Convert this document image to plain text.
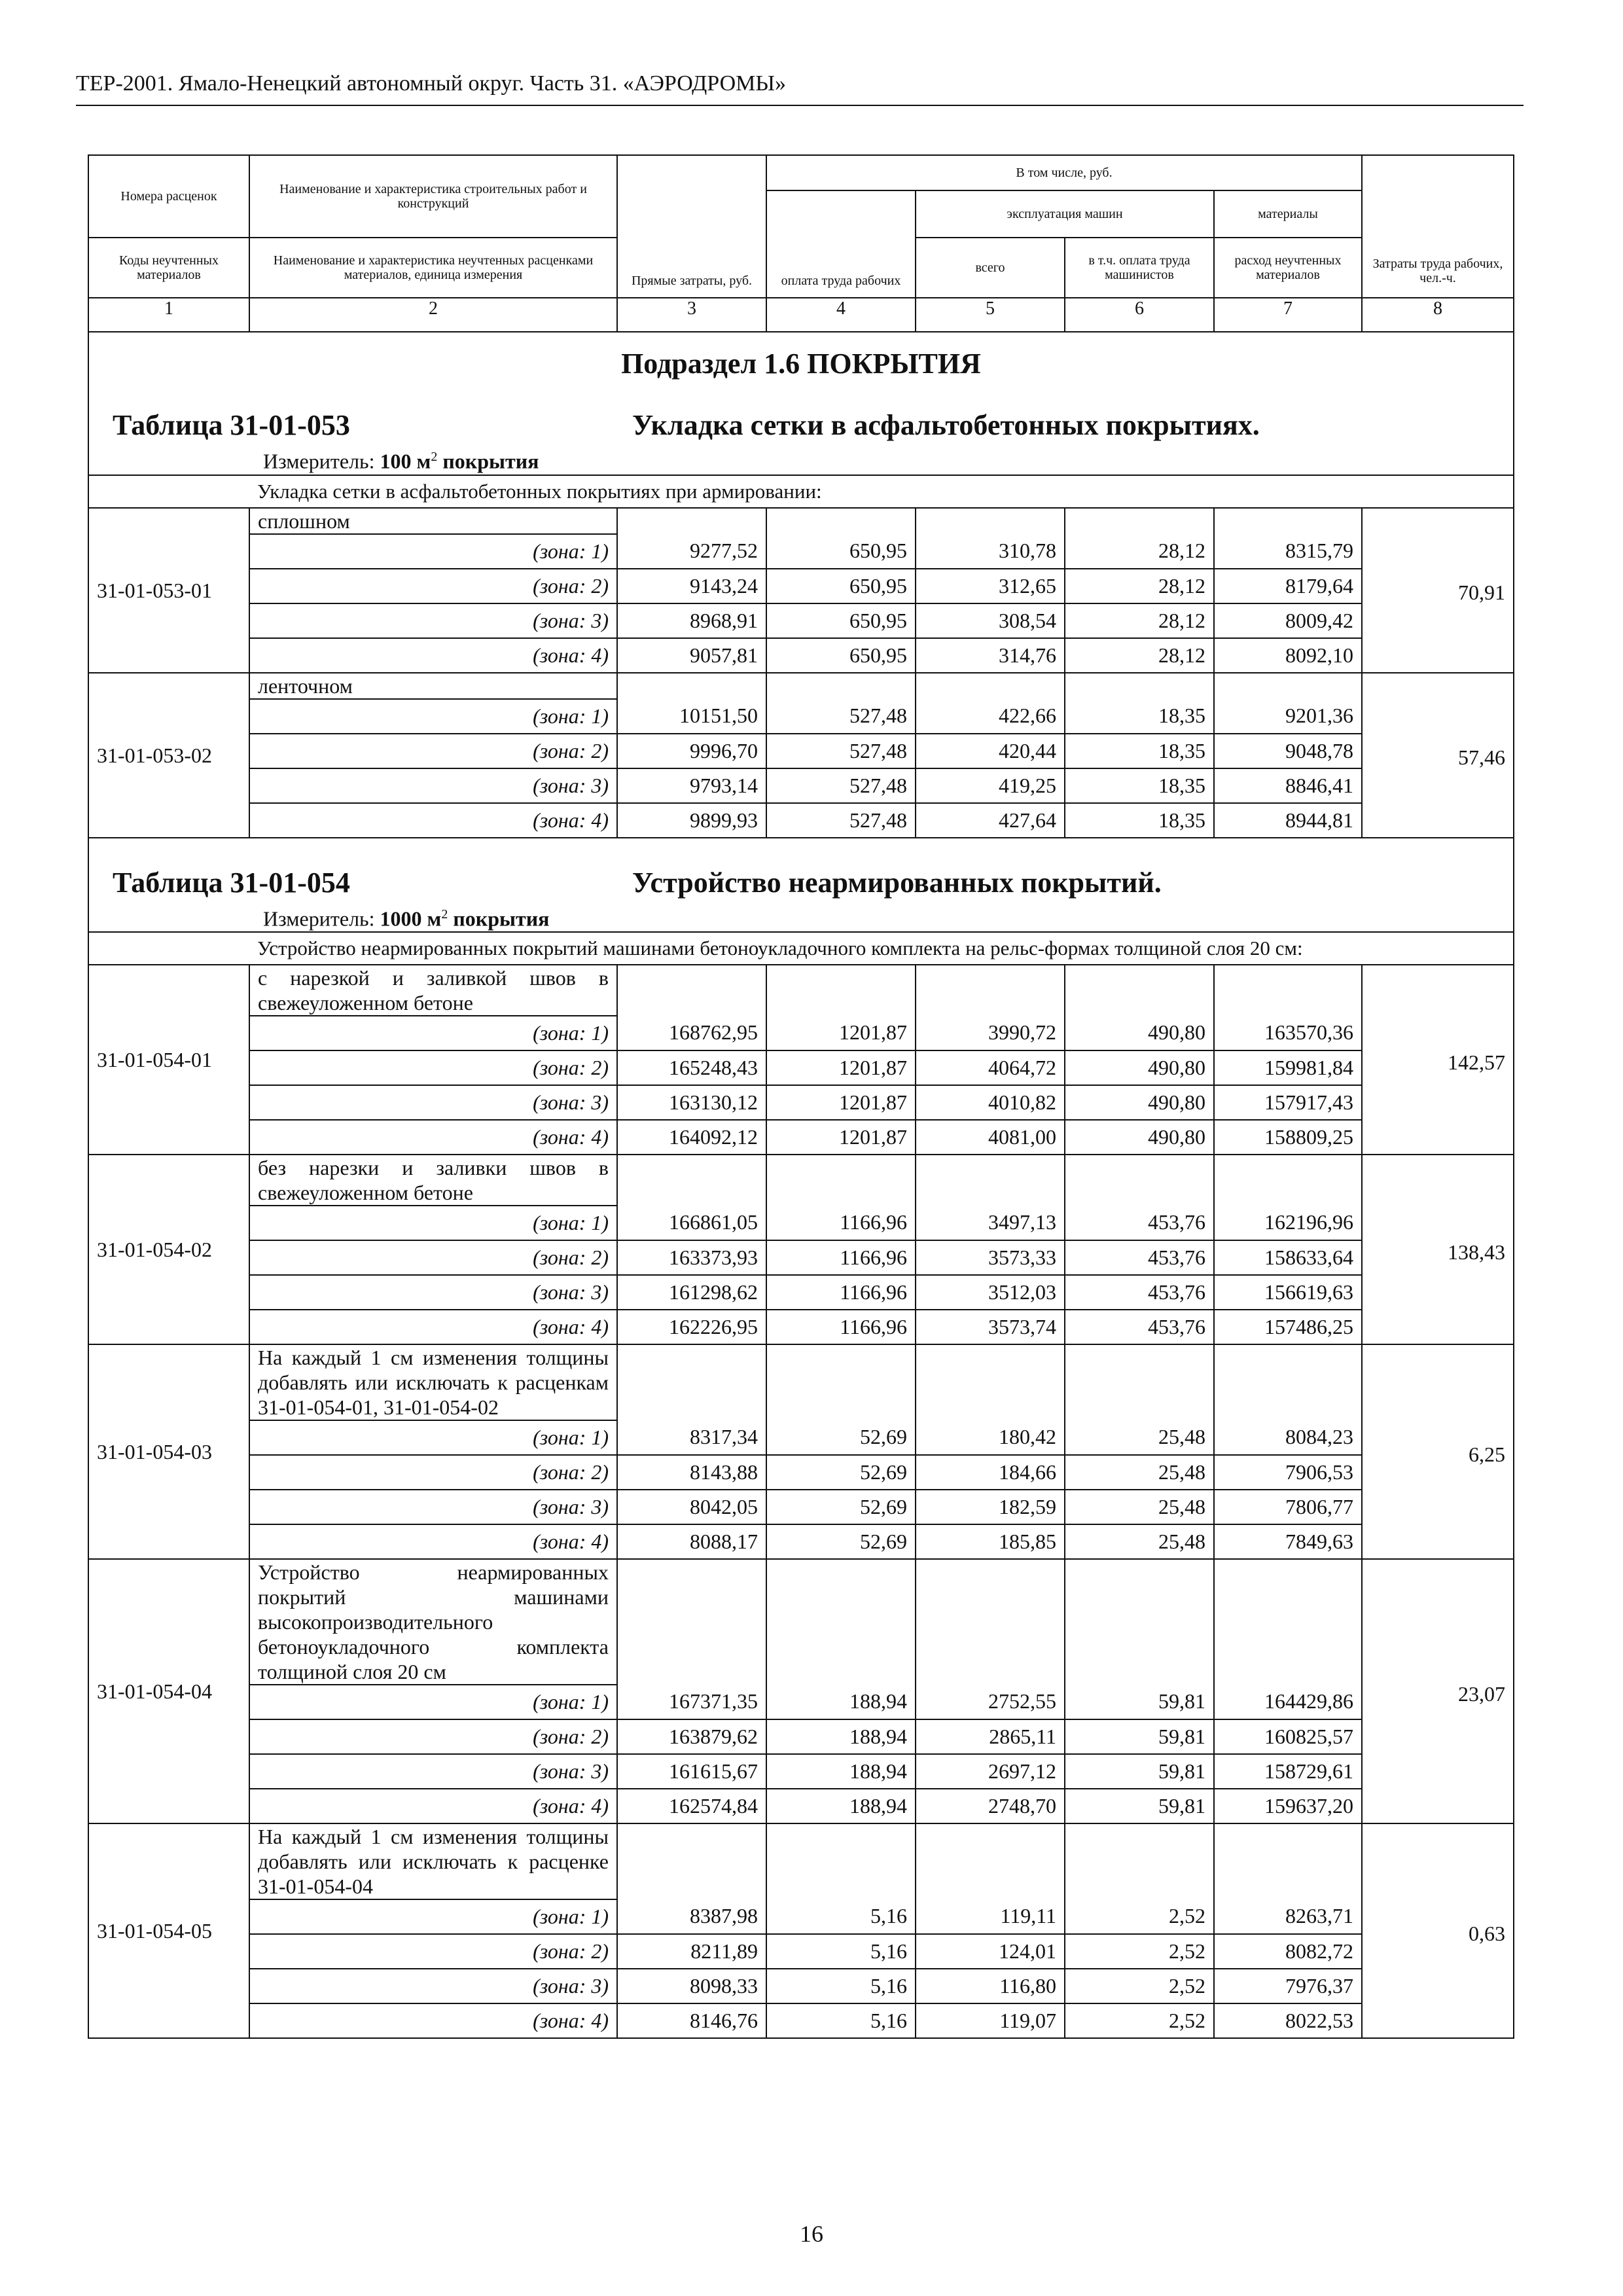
ТЕР-2001. Ямало-Ненецкий автономный округ. Часть 31. «АЭРОДРОМЫ»
Номера расценок	Наименование и характеристика строительных работ и конструкций	Прямые затраты, руб.	В том числе, руб.				Затраты труда рабочих, чел.-ч.
			оплата труда рабочих	эксплуатация машин		материалы	
Коды неучтенных материалов	Наименование и характеристика неучтенных расценками материалов, единица измерения			всего	в т.ч. оплата труда машинистов	расход неучтенных материалов	

1	2	3	4	5	6	7	8

Подраздел 1.6 ПОКРЫТИЯ
Таблица 31-01-053 Укладка сетки в асфальтобетонных покрытиях.
Измеритель: 100 $м^2$ покрытия							

	Укладка сетки в асфальтобетонных покрытиях при армировании:						
31-01-053-01	сплошном						70,91
	(зона: 1)	9277,52	650,95	310,78	28,12	8315,79	
	(зона: 2)	9143,24	650,95	312,65	28,12	8179,64	
	(зона: 3)	8968,91	650,95	308,54	28,12	8009,42	
	(зона: 4)	9057,81	650,95	314,76	28,12	8092,10	
31-01-053-02	ленточном						57,46
	(зона: 1)	10151,50	527,48	422,66	18,35	9201,36	
	(зона: 2)	9996,70	527,48	420,44	18,35	9048,78	
	(зона: 3)	9793,14	527,48	419,25	18,35	8846,41	
	(зона: 4)	9899,93	527,48	427,64	18,35	8944,81	

Таблица 31-01-054 Устройство неармированных покрытий.
Измеритель: 1000 $м^2$ покрытия							

	Устройство неармированных покрытий машинами бетоноукладочного комплекта на рельс-формах толщиной слоя 20 см:						
31-01-054-01	с нарезкой и заливкой швов в свежеуложенном бетоне						142,57
	(зона: 1)	168762,95	1201,87	3990,72	490,80	163570,36	
	(зона: 2)	165248,43	1201,87	4064,72	490,80	159981,84	
	(зона: 3)	163130,12	1201,87	4010,82	490,80	157917,43	
	(зона: 4)	164092,12	1201,87	4081,00	490,80	158809,25	
31-01-054-02	без нарезки и заливки швов в свежеуложенном бетоне						138,43
	(зона: 1)	166861,05	1166,96	3497,13	453,76	162196,96	
	(зона: 2)	163373,93	1166,96	3573,33	453,76	158633,64	
	(зона: 3)	161298,62	1166,96	3512,03	453,76	156619,63	
	(зона: 4)	162226,95	1166,96	3573,74	453,76	157486,25	
31-01-054-03	На каждый 1 см изменения толщины добавлять или исключать к расценкам 31-01-054-01, 31-01-054-02						6,25
	(зона: 1)	8317,34	52,69	180,42	25,48	8084,23	
	(зона: 2)	8143,88	52,69	184,66	25,48	7906,53	
	(зона: 3)	8042,05	52,69	182,59	25,48	7806,77	
	(зона: 4)	8088,17	52,69	185,85	25,48	7849,63	
31-01-054-04	Устройство неармированных покрытий машинами высокопроизводительного бетоноукладочного комплекта толщиной слоя 20 см						23,07
	(зона: 1)	167371,35	188,94	2752,55	59,81	164429,86	
	(зона: 2)	163879,62	188,94	2865,11	59,81	160825,57	
	(зона: 3)	161615,67	188,94	2697,12	59,81	158729,61	
	(зона: 4)	162574,84	188,94	2748,70	59,81	159637,20	
31-01-054-05	На каждый 1 см изменения толщины добавлять или исключать к расценке 31-01-054-04						0,63
	(зона: 1)	8387,98	5,16	119,11	2,52	8263,71	
	(зона: 2)	8211,89	5,16	124,01	2,52	8082,72	
	(зона: 3)	8098,33	5,16	116,80	2,52	7976,37	
	(зона: 4)	8146,76	5,16	119,07	2,52	8022,53	

16
